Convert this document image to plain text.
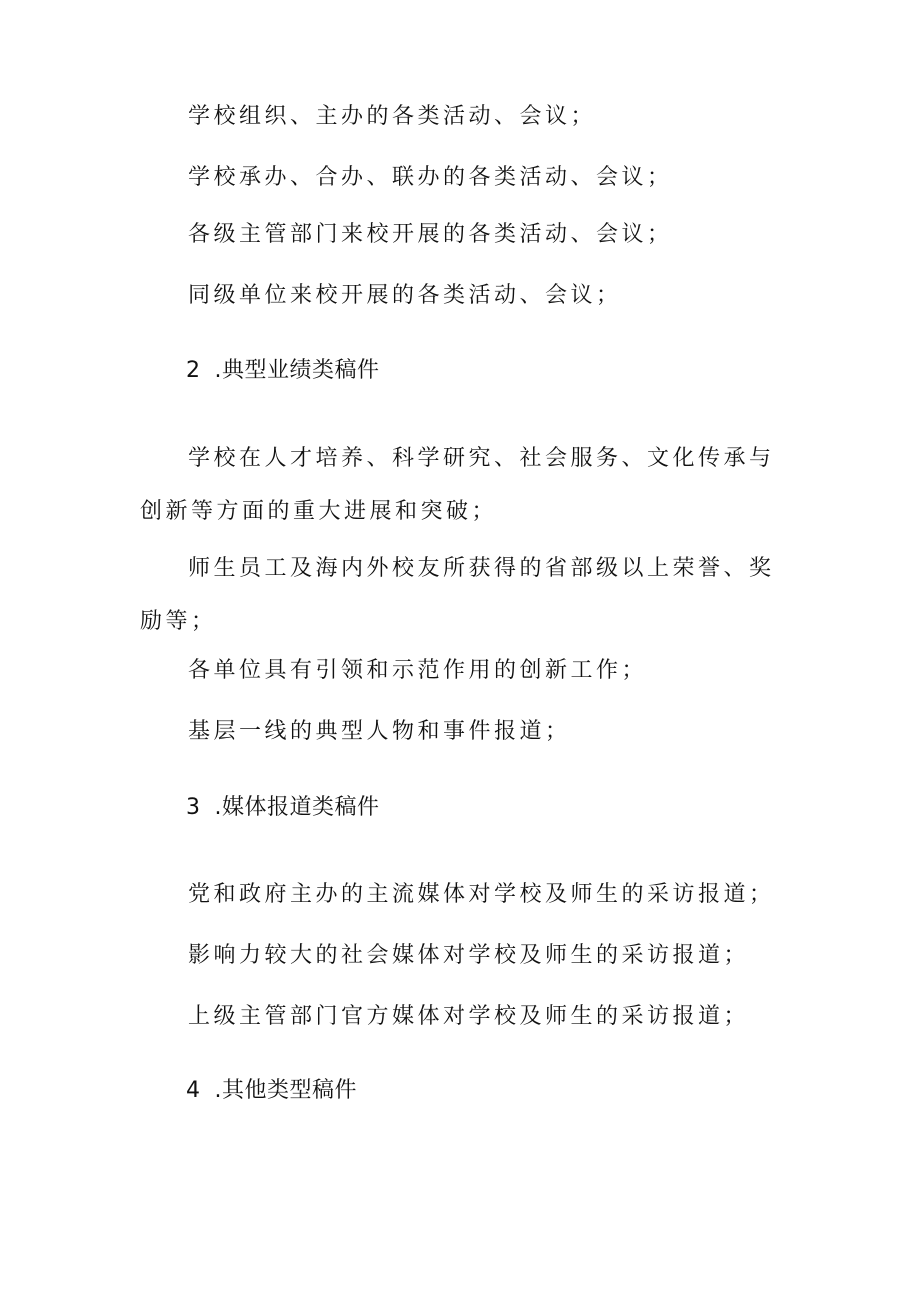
学校组织、主办的各类活动、会议；
学校承办、合办、联办的各类活动、会议；
各级主管部门来校开展的各类活动、会议；
同级单位来校开展的各类活动、会议；
2 .典型业绩类稿件
学校在人才培养、科学研究、社会服务、文化传承与创新等方面的重大进展和突破；
师生员工及海内外校友所获得的省部级以上荣誉、奖励等；
各单位具有引领和示范作用的创新工作；
基层一线的典型人物和事件报道；
3 .媒体报道类稿件
党和政府主办的主流媒体对学校及师生的采访报道；
影响力较大的社会媒体对学校及师生的采访报道；
上级主管部门官方媒体对学校及师生的采访报道；
4 .其他类型稿件
